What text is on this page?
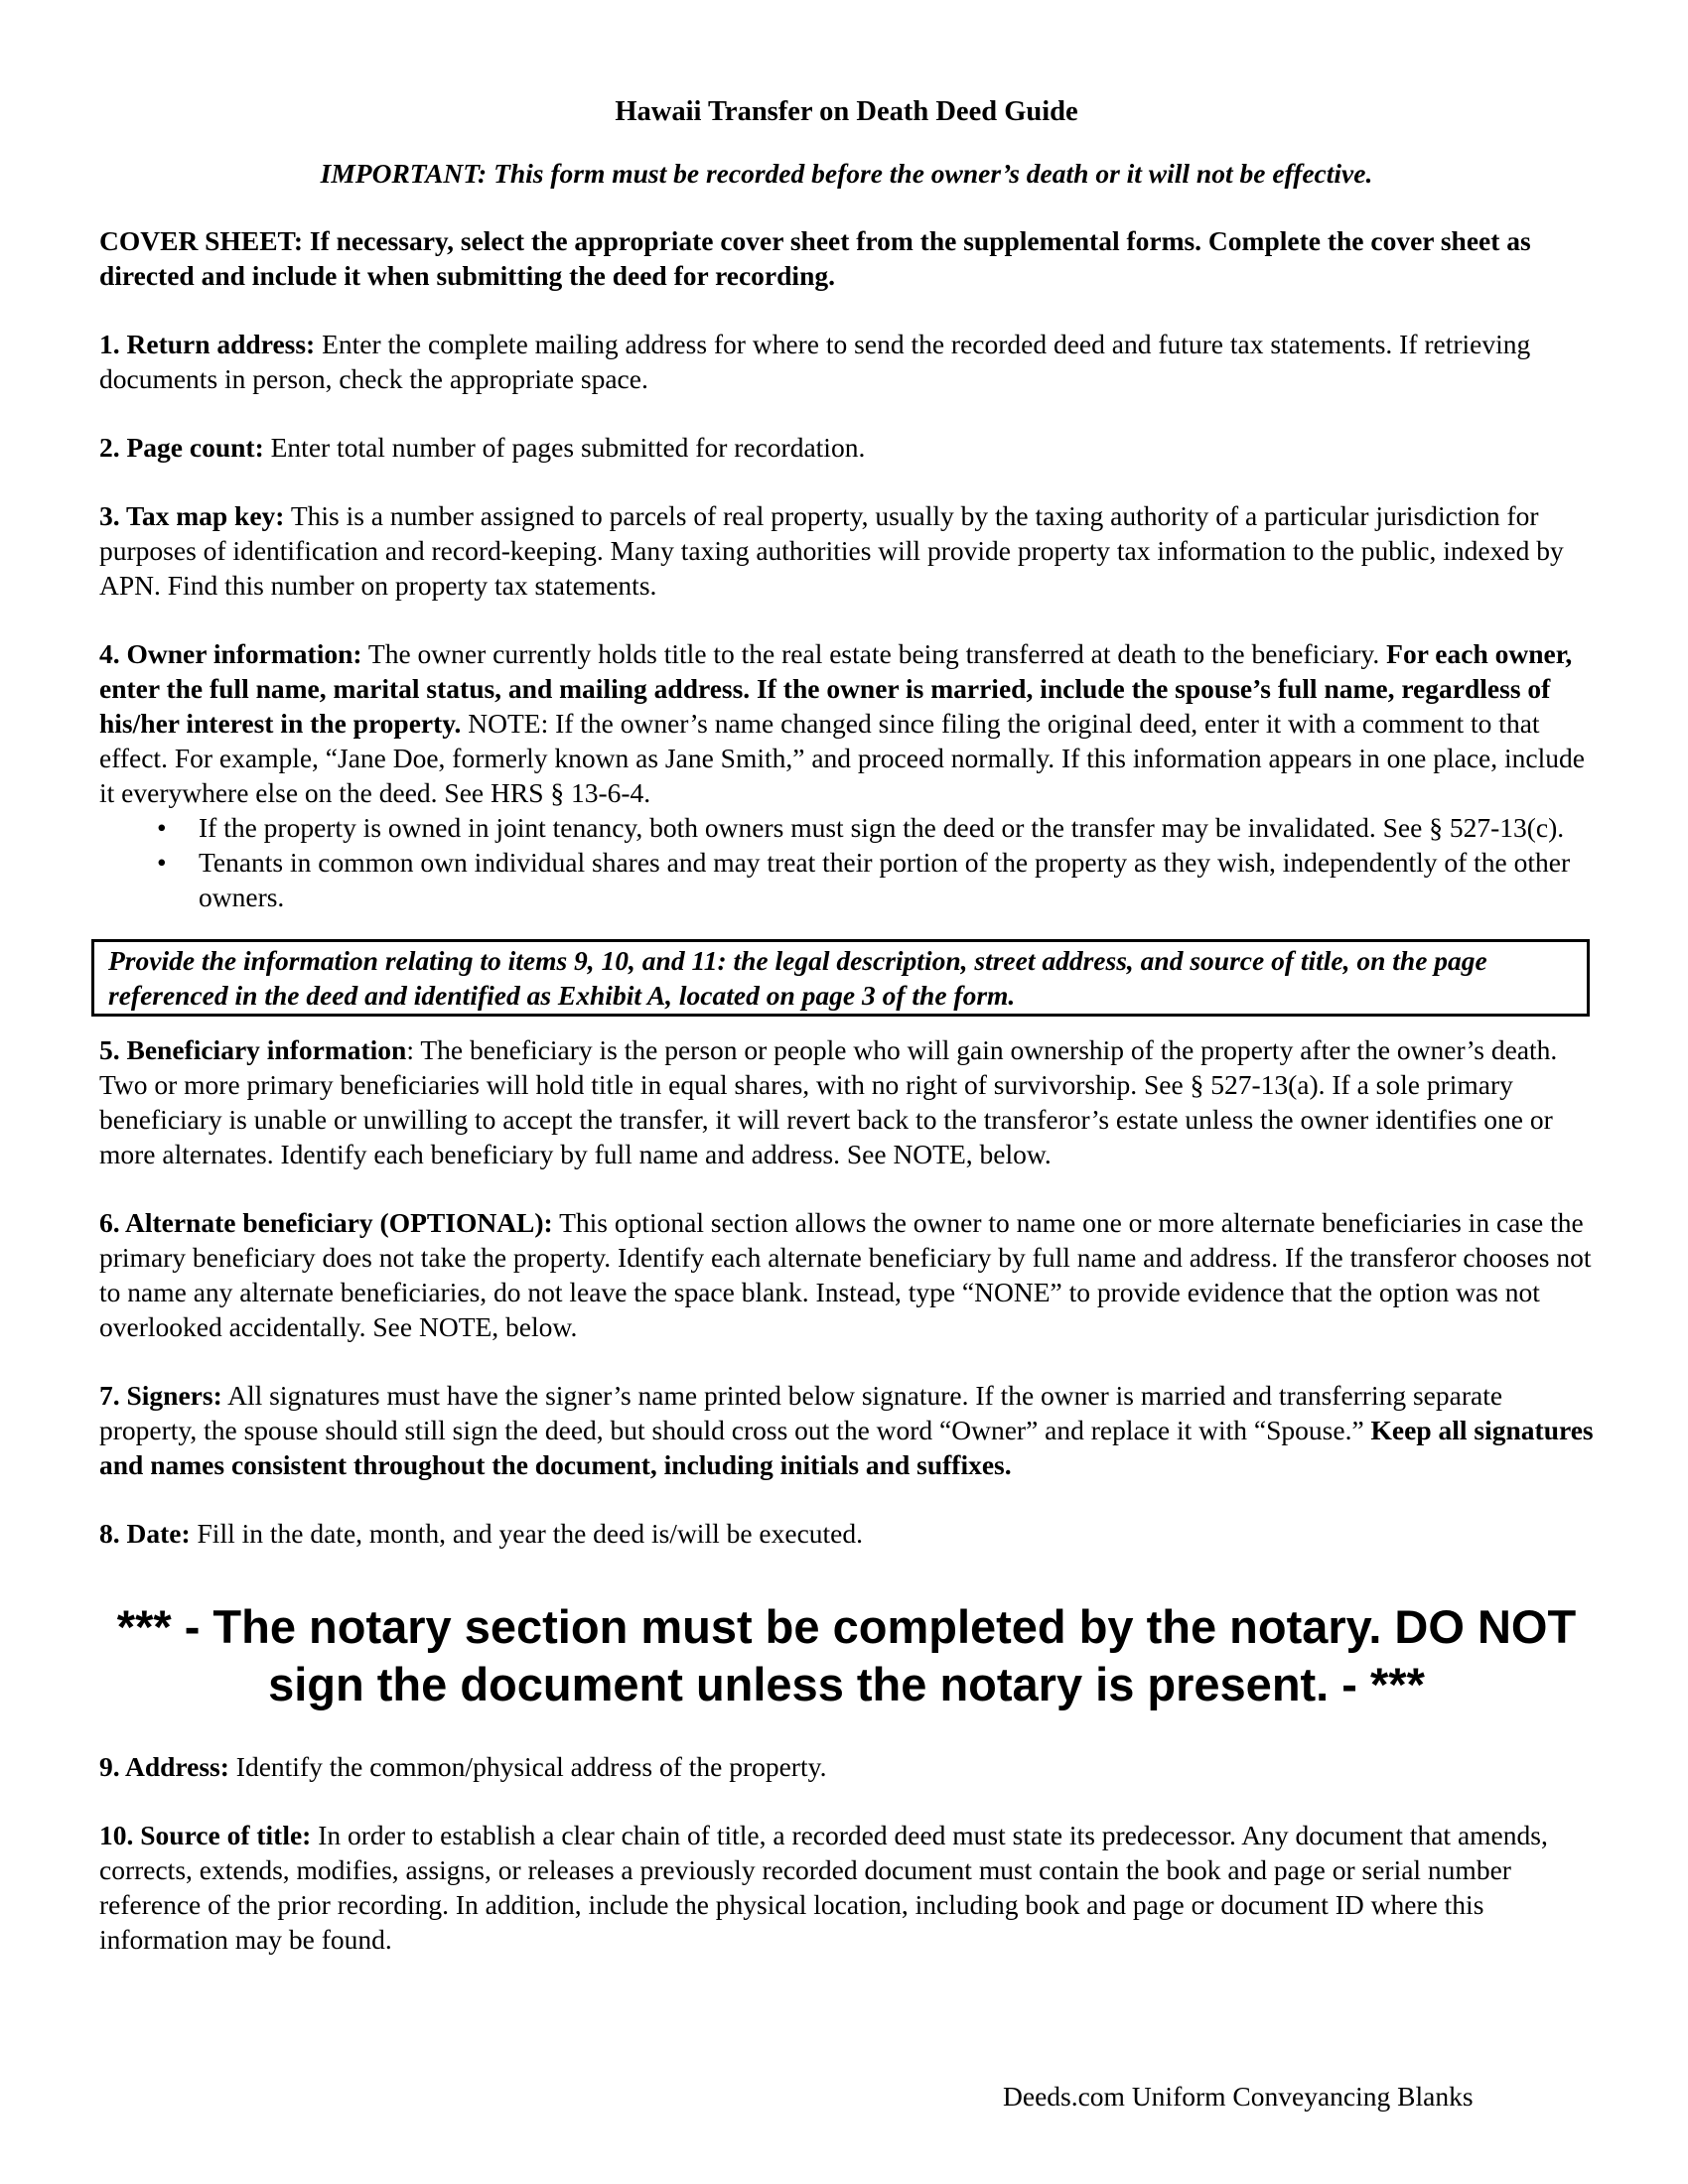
Hawaii Transfer on Death Deed Guide

IMPORTANT: This form must be recorded before the owner’s death or it will not be effective.

COVER SHEET: If necessary, select the appropriate cover sheet from the supplemental forms. Complete the cover sheet as directed and include it when submitting the deed for recording.

1. Return address: Enter the complete mailing address for where to send the recorded deed and future tax statements. If retrieving documents in person, check the appropriate space.

2. Page count: Enter total number of pages submitted for recordation.

3. Tax map key: This is a number assigned to parcels of real property, usually by the taxing authority of a particular jurisdiction for purposes of identification and record-keeping. Many taxing authorities will provide property tax information to the public, indexed by APN. Find this number on property tax statements.

4. Owner information: The owner currently holds title to the real estate being transferred at death to the beneficiary. For each owner, enter the full name, marital status, and mailing address. If the owner is married, include the spouse’s full name, regardless of his/her interest in the property. NOTE: If the owner’s name changed since filing the original deed, enter it with a comment to that effect. For example, “Jane Doe, formerly known as Jane Smith,” and proceed normally. If this information appears in one place, include it everywhere else on the deed. See HRS § 13-6-4.

• If the property is owned in joint tenancy, both owners must sign the deed or the transfer may be invalidated. See § 527‑13(c).
• Tenants in common own individual shares and may treat their portion of the property as they wish, independently of the other owners.
Provide the information relating to items 9, 10, and 11: the legal description, street address, and source of title, on the page referenced in the deed and identified as Exhibit A, located on page 3 of the form.

5. Beneficiary information: The beneficiary is the person or people who will gain ownership of the property after the owner’s death. Two or more primary beneficiaries will hold title in equal shares, with no right of survivorship. See § 527‑13(a). If a sole primary beneficiary is unable or unwilling to accept the transfer, it will revert back to the transferor’s estate unless the owner identifies one or more alternates. Identify each beneficiary by full name and address. See NOTE, below.

6. Alternate beneficiary (OPTIONAL): This optional section allows the owner to name one or more alternate beneficiaries in case the primary beneficiary does not take the property. Identify each alternate beneficiary by full name and address. If the transferor chooses not to name any alternate beneficiaries, do not leave the space blank. Instead, type “NONE” to provide evidence that the option was not overlooked accidentally. See NOTE, below.

7. Signers: All signatures must have the signer’s name printed below signature. If the owner is married and transferring separate property, the spouse should still sign the deed, but should cross out the word “Owner” and replace it with “Spouse.” Keep all signatures and names consistent throughout the document, including initials and suffixes.

8. Date: Fill in the date, month, and year the deed is/will be executed.

*** - The notary section must be completed by the notary. DO NOT
sign the document unless the notary is present. - ***

9. Address: Identify the common/physical address of the property.

10. Source of title: In order to establish a clear chain of title, a recorded deed must state its predecessor. Any document that amends, corrects, extends, modifies, assigns, or releases a previously recorded document must contain the book and page or serial number reference of the prior recording. In addition, include the physical location, including book and page or document ID where this information may be found.

Deeds.com Uniform Conveyancing Blanks
